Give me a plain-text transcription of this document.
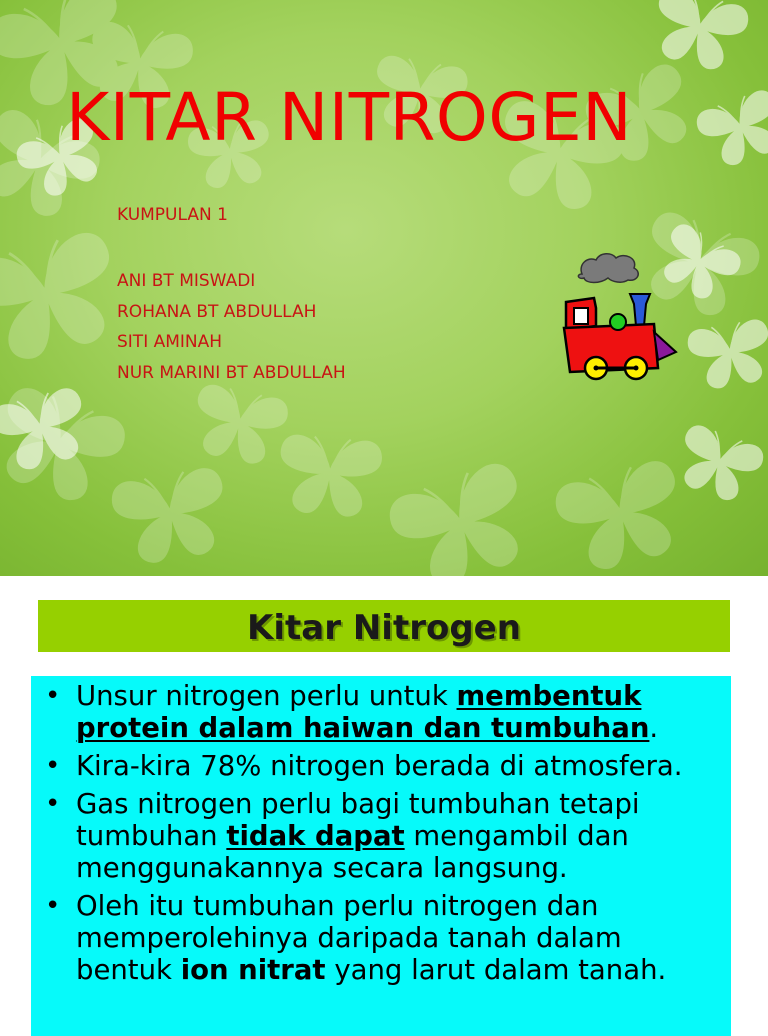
KITAR NITROGEN
KUMPULAN 1
ANI BT MISWADI
ROHANA BT ABDULLAH
SITI AMINAH
NUR MARINI BT ABDULLAH
Kitar Nitrogen
• Unsur nitrogen perlu untuk membentuk protein dalam haiwan dan tumbuhan.
• Kira-kira 78% nitrogen berada di atmosfera.
• Gas nitrogen perlu bagi tumbuhan tetapi tumbuhan tidak dapat mengambil dan menggunakannya secara langsung.
• Oleh itu tumbuhan perlu nitrogen dan memperolehinya daripada tanah dalam bentuk ion nitrat yang larut dalam tanah.
